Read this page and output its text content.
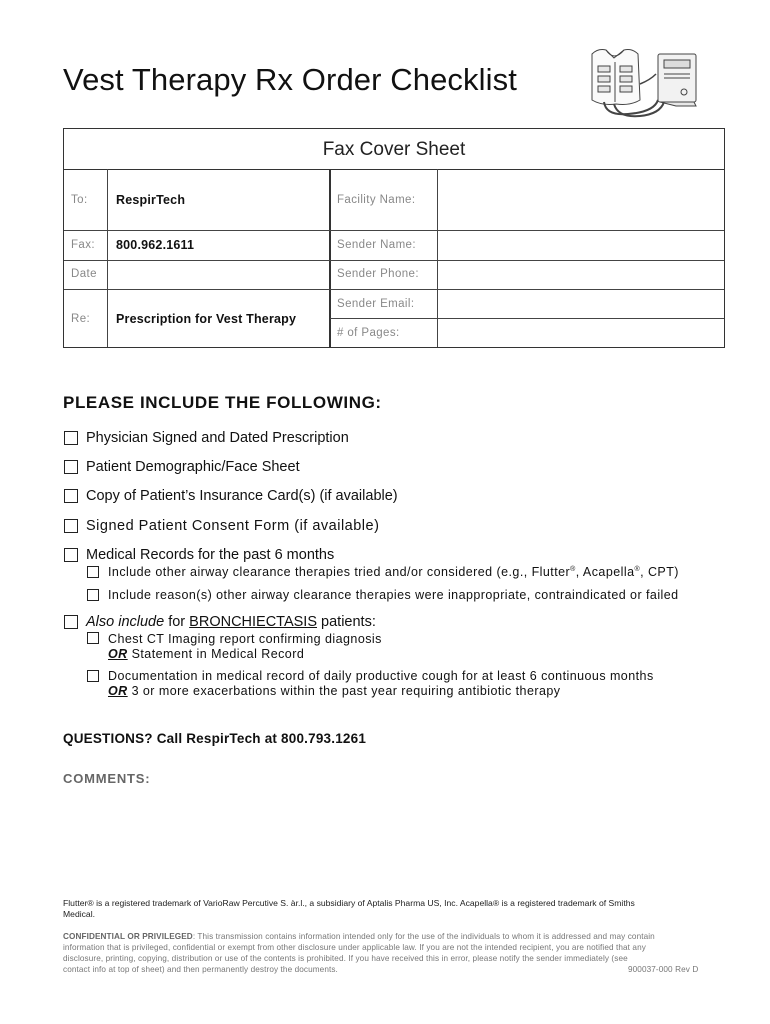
Vest Therapy Rx Order Checklist
Fax Cover Sheet
To: RespirTech
Fax: 800.962.1611
Date
Re: Prescription for Vest Therapy
Facility Name:
Sender Name:
Sender Phone:
Sender Email:
# of Pages:
PLEASE INCLUDE THE FOLLOWING:
Physician Signed and Dated Prescription
Patient Demographic/Face Sheet
Copy of Patient’s Insurance Card(s) (if available)
Signed Patient Consent Form (if available)
Medical Records for the past 6 months
Include other airway clearance therapies tried and/or considered (e.g., Flutter®, Acapella®, CPT)
Include reason(s) other airway clearance therapies were inappropriate, contraindicated or failed
Also include for BRONCHIECTASIS patients:
Chest CT Imaging report confirming diagnosis
OR Statement in Medical Record
Documentation in medical record of daily productive cough for at least 6 continuous months
OR 3 or more exacerbations within the past year requiring antibiotic therapy
QUESTIONS? Call RespirTech at 800.793.1261
COMMENTS:
Flutter® is a registered trademark of VarioRaw Percutive S. àr.l., a subsidiary of Aptalis Pharma US, Inc. Acapella® is a registered trademark of Smiths
Medical.
CONFIDENTIAL OR PRIVILEGED: This transmission contains information intended only for the use of the individuals to whom it is addressed and may contain
information that is privileged, confidential or exempt from other disclosure under applicable law. If you are not the intended recipient, you are notified that any
disclosure, printing, copying, distribution or use of the contents is prohibited. If you have received this in error, please notify the sender immediately (see
contact info at top of sheet) and then permanently destroy the documents.	900037-000 Rev D
